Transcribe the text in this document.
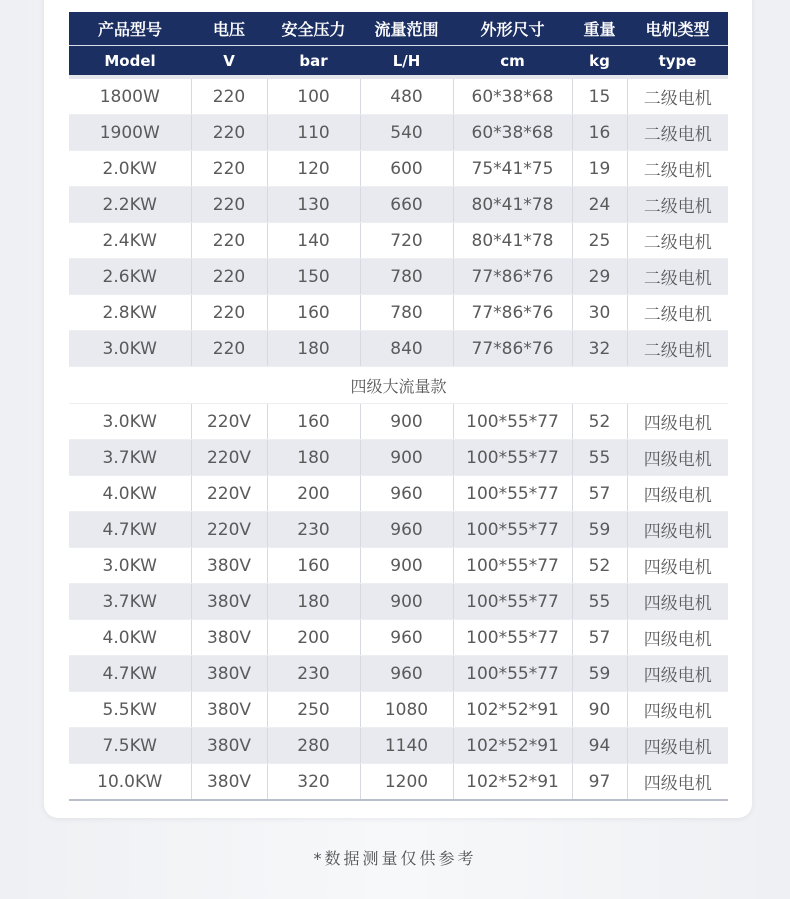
产品型号	电压	安全压力	流量范围	外形尺寸	重量	电机类型
Model	V	bar	L/H	cm	kg	type
1800W	220	100	480	60*38*68	15	二级电机
1900W	220	110	540	60*38*68	16	二级电机
2.0KW	220	120	600	75*41*75	19	二级电机
2.2KW	220	130	660	80*41*78	24	二级电机
2.4KW	220	140	720	80*41*78	25	二级电机
2.6KW	220	150	780	77*86*76	29	二级电机
2.8KW	220	160	780	77*86*76	30	二级电机
3.0KW	220	180	840	77*86*76	32	二级电机
四级大流量款						
3.0KW	220V	160	900	100*55*77	52	四级电机
3.7KW	220V	180	900	100*55*77	55	四级电机
4.0KW	220V	200	960	100*55*77	57	四级电机
4.7KW	220V	230	960	100*55*77	59	四级电机
3.0KW	380V	160	900	100*55*77	52	四级电机
3.7KW	380V	180	900	100*55*77	55	四级电机
4.0KW	380V	200	960	100*55*77	57	四级电机
4.7KW	380V	230	960	100*55*77	59	四级电机
5.5KW	380V	250	1080	102*52*91	90	四级电机
7.5KW	380V	280	1140	102*52*91	94	四级电机
10.0KW	380V	320	1200	102*52*91	97	四级电机
*数据测量仅供参考
